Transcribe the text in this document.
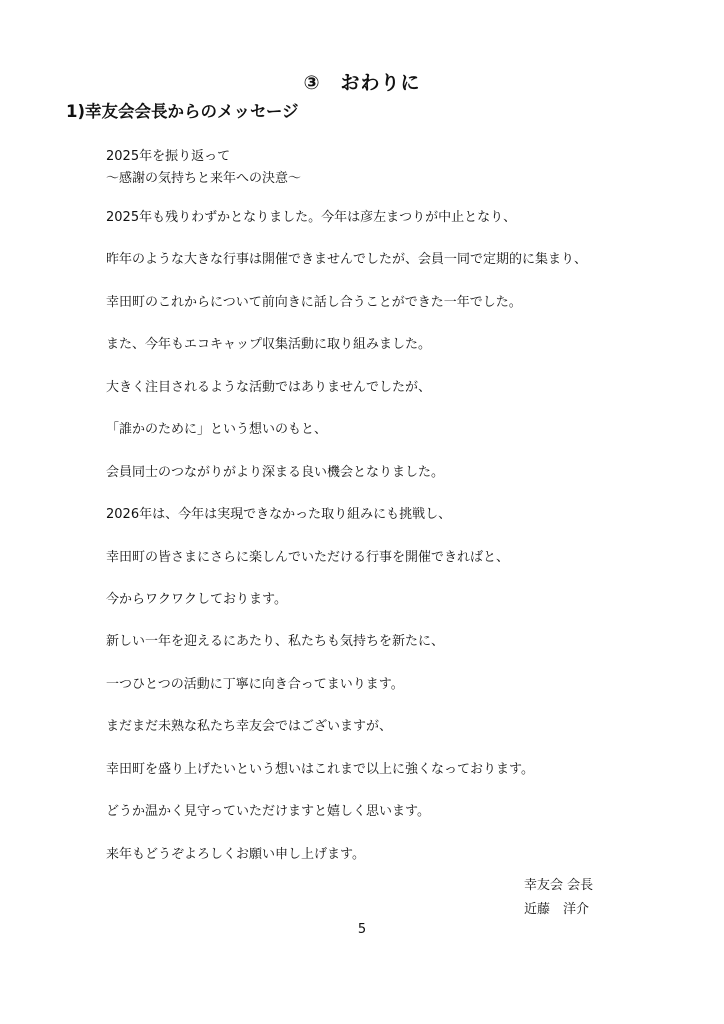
③　おわりに
1)幸友会会長からのメッセージ
2025年を振り返って
～感謝の気持ちと来年への決意～
2025年も残りわずかとなりました。今年は彦左まつりが中止となり、
昨年のような大きな行事は開催できませんでしたが、会員一同で定期的に集まり、
幸田町のこれからについて前向きに話し合うことができた一年でした。
また、今年もエコキャップ収集活動に取り組みました。
大きく注目されるような活動ではありませんでしたが、
「誰かのために」という想いのもと、
会員同士のつながりがより深まる良い機会となりました。
2026年は、今年は実現できなかった取り組みにも挑戦し、
幸田町の皆さまにさらに楽しんでいただける行事を開催できればと、
今からワクワクしております。
新しい一年を迎えるにあたり、私たちも気持ちを新たに、
一つひとつの活動に丁寧に向き合ってまいります。
まだまだ未熟な私たち幸友会ではございますが、
幸田町を盛り上げたいという想いはこれまで以上に強くなっております。
どうか温かく見守っていただけますと嬉しく思います。
来年もどうぞよろしくお願い申し上げます。
幸友会 会長
近藤　洋介
5
